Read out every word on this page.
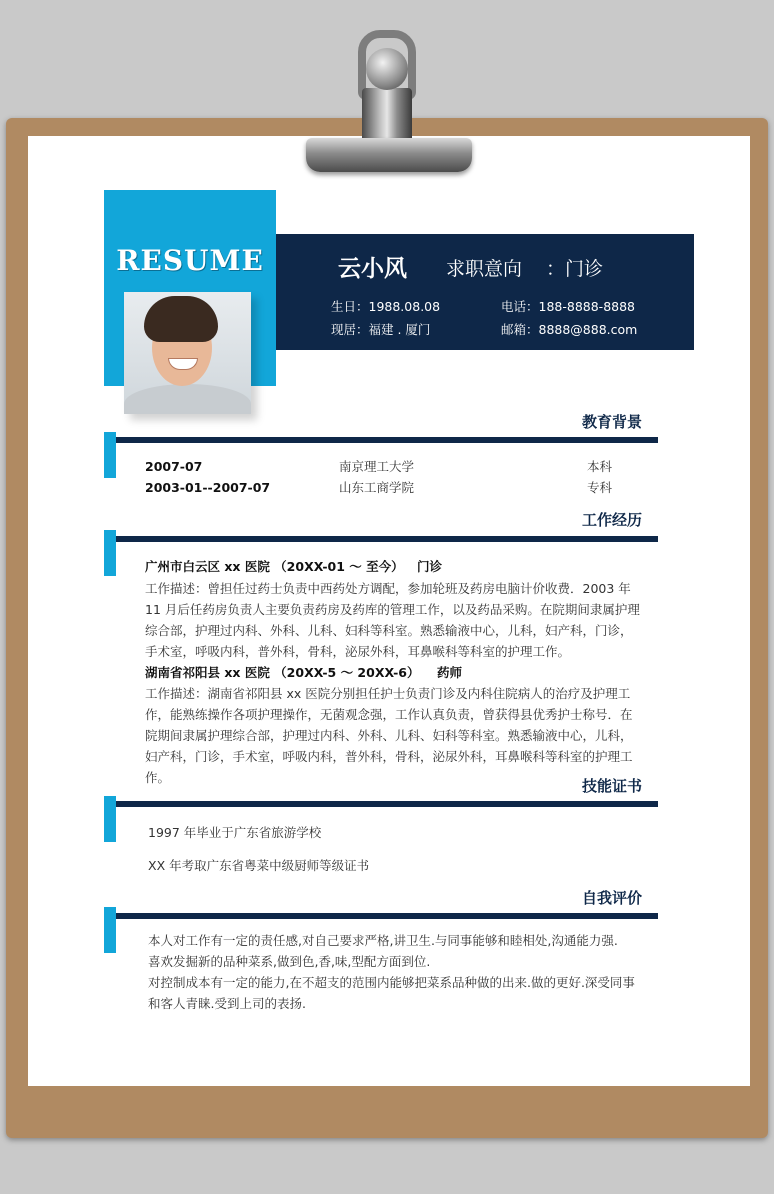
RESUME	云小风 求职意向 ：门诊
生日：1988.08.08	电话：188-8888-8888
现居：福建 . 厦门	邮箱：8888@888.com
教育背景
2007-07	南京理工大学	本科
2003-01--2007-07	山东工商学院	专科
工作经历
广州市白云区 xx 医院 （20XX-01 ～ 至今） 门诊
工作描述：曾担任过药士负责中西药处方调配，参加轮班及药房电脑计价收费．2003 年
11 月后任药房负责人主要负责药房及药库的管理工作，以及药品采购。在院期间隶属护理
综合部，护理过内科、外科、儿科、妇科等科室。熟悉输液中心，儿科，妇产科，门诊，
手术室，呼吸内科，普外科，骨科，泌尿外科，耳鼻喉科等科室的护理工作。
湖南省祁阳县 xx 医院 （20XX-5 ～ 20XX-6） 药师
工作描述：湖南省祁阳县 xx 医院分别担任护士负责门诊及内科住院病人的治疗及护理工
作，能熟练操作各项护理操作，无菌观念强，工作认真负责，曾获得县优秀护士称号．在
院期间隶属护理综合部，护理过内科、外科、儿科、妇科等科室。熟悉输液中心，儿科，
妇产科，门诊，手术室，呼吸内科，普外科，骨科，泌尿外科，耳鼻喉科等科室的护理工
作。	技能证书
1997 年毕业于广东省旅游学校
XX 年考取广东省粤菜中级厨师等级证书
自我评价
本人对工作有一定的责任感,对自己要求严格,讲卫生.与同事能够和睦相处,沟通能力强.
喜欢发掘新的品种菜系,做到色,香,味,型配方面到位.
对控制成本有一定的能力,在不超支的范围内能够把菜系品种做的出来.做的更好.深受同事
和客人青睐.受到上司的表扬.
